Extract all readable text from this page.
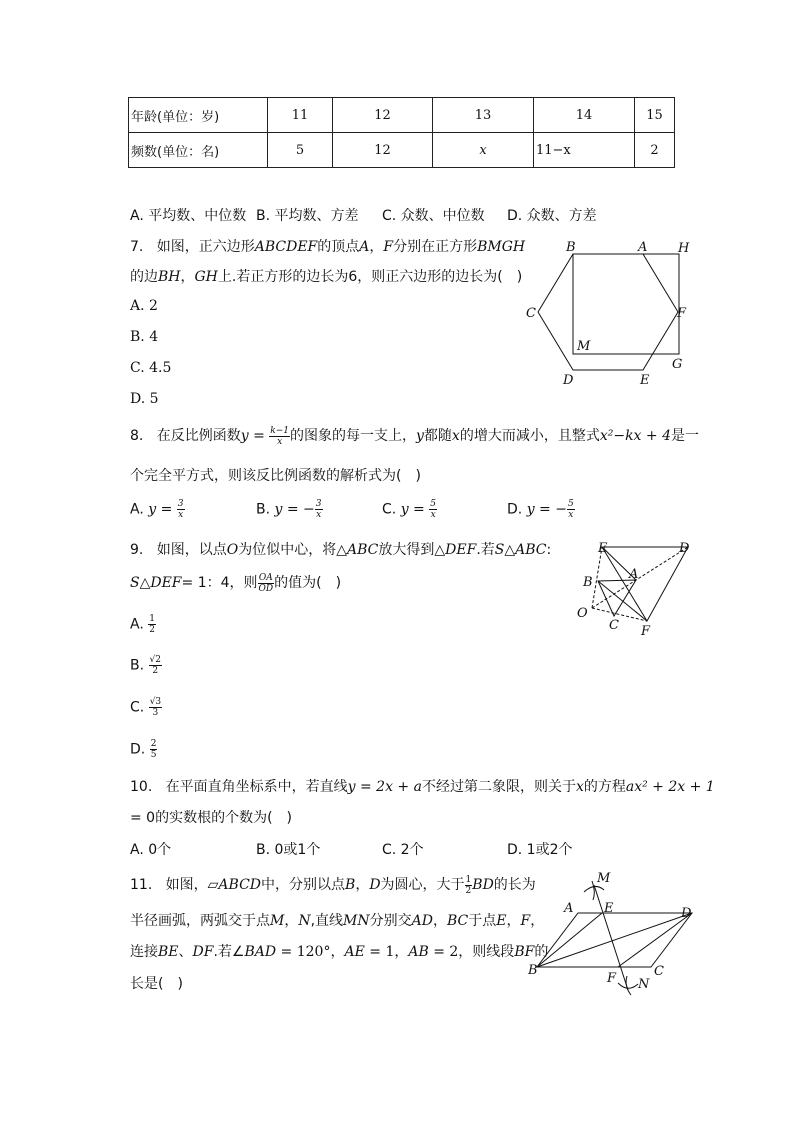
年龄(单位：岁)	11	12	13	14	15
频数(单位：名)	5	12	x	11−x	2
A. 平均数、中位数 B. 平均数、方差 C. 众数、中位数 D. 众数、方差
7. 如图，正六边形ABCDEF的顶点A，F分别在正方形BMGH
的边BH，GH上.若正方形的边长为6，则正六边形的边长为(　)
A. 2
B. 4
C. 4.5
D. 5
B	A H
C	F
M
G
D	E
8. 在反比例函数$y = \frac{k-1}{x}$ 的图象的每一支上，y都随x的增大而减小，且整式x²−kx + 4是一
个完全平方式，则该反比例函数的解析式为(　)
A. $y = \frac{3}{x}$	B. y = − $\frac{3}{x}$	C. $y = \frac{5}{x}$	D. y = − $\frac{5}{x}$
9. 如图，以点O为位似中心，将△ABC放大得到△DEF.若S△ABC:
S△DEF= 1：4，则 $\frac{OA}{OD}$ 的值为(　)
A. $\frac{1}{2}$
B. $\frac{√2}{2}$
C. $\frac{√3}{3}$
D. $\frac{2}{5}$
E	D
B
A
O
C F
10. 在平面直角坐标系中，若直线y = 2x + a不经过第二象限，则关于x的方程ax² + 2x + 1
= 0的实数根的个数为(　)
A. 0个	B. 0或1个	C. 2个	D. 1或2个
11. 如图，▱ABCD中，分别以点B，D为圆心，大于 $\frac{1}{2}$ BD的长为
半径画弧，两弧交于点M，N,直线MN分别交AD，BC于点E，F，
连接BE、DF.若∠BAD = 120°，AE = 1，AB = 2，则线段BF的
长是(　)
M
A E	D
B
F	C
N
